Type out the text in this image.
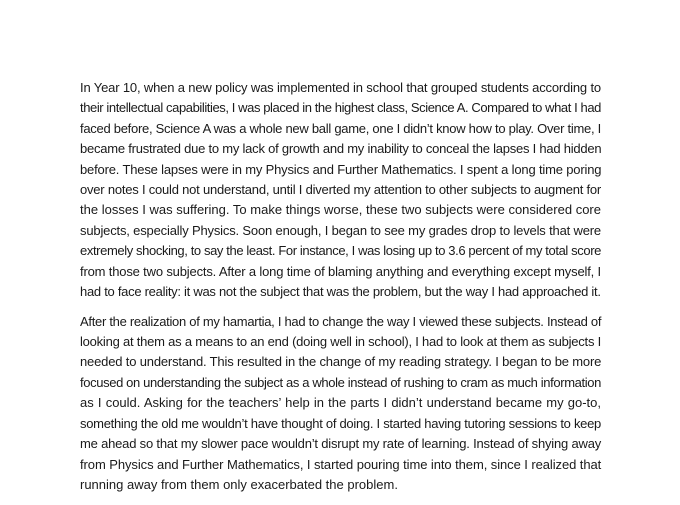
In Year 10, when a new policy was implemented in school that grouped students according to
their intellectual capabilities, I was placed in the highest class, Science A. Compared to what I had
faced before, Science A was a whole new ball game, one I didn’t know how to play. Over time, I
became frustrated due to my lack of growth and my inability to conceal the lapses I had hidden
before. These lapses were in my Physics and Further Mathematics. I spent a long time poring
over notes I could not understand, until I diverted my attention to other subjects to augment for
the losses I was suffering. To make things worse, these two subjects were considered core
subjects, especially Physics. Soon enough, I began to see my grades drop to levels that were
extremely shocking, to say the least. For instance, I was losing up to 3.6 percent of my total score
from those two subjects. After a long time of blaming anything and everything except myself, I
had to face reality: it was not the subject that was the problem, but the way I had approached it.
After the realization of my hamartia, I had to change the way I viewed these subjects. Instead of
looking at them as a means to an end (doing well in school), I had to look at them as subjects I
needed to understand. This resulted in the change of my reading strategy. I began to be more
focused on understanding the subject as a whole instead of rushing to cram as much information
as I could. Asking for the teachers’ help in the parts I didn’t understand became my go-to,
something the old me wouldn’t have thought of doing. I started having tutoring sessions to keep
me ahead so that my slower pace wouldn’t disrupt my rate of learning. Instead of shying away
from Physics and Further Mathematics, I started pouring time into them, since I realized that
running away from them only exacerbated the problem.
